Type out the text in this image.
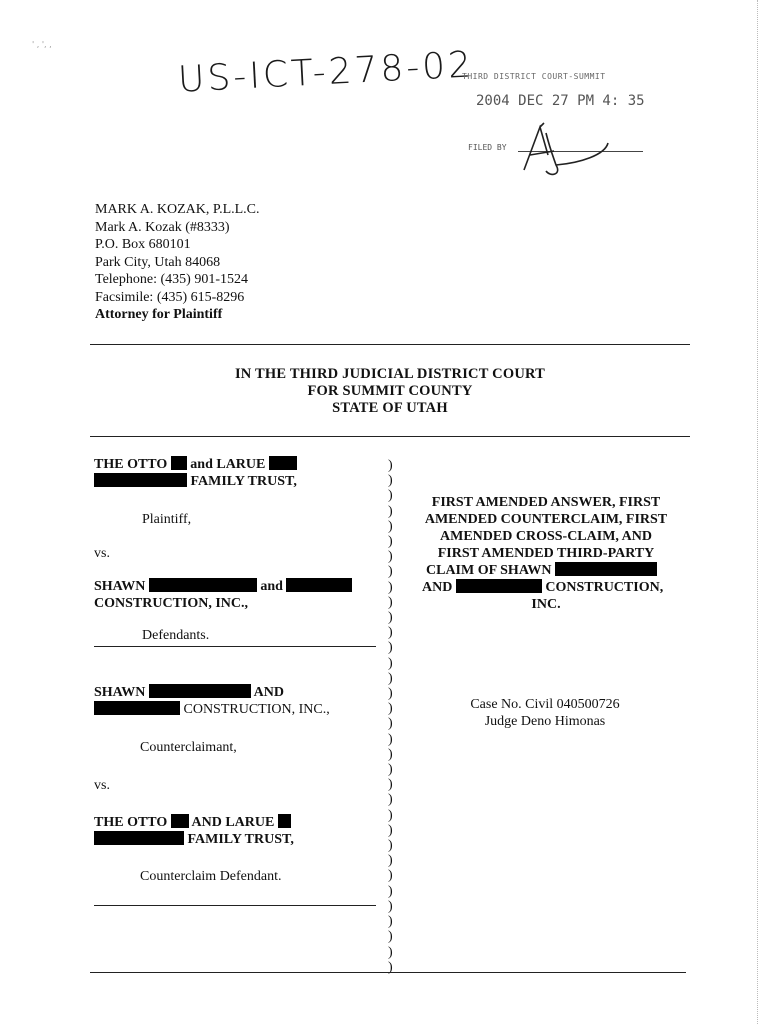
' , ', ,	US-ICT-278-02
THIRD DISTRICT COURT-SUMMIT
2004 DEC 27 PM 4: 35
FILED BY
MARK A. KOZAK, P.L.L.C.
Mark A. Kozak (#8333)
P.O. Box 680101
Park City, Utah 84068
Telephone: (435) 901-1524
Facsimile: (435) 615-8296
Attorney for Plaintiff
IN THE THIRD JUDICIAL DISTRICT COURT
FOR SUMMIT COUNTY
STATE OF UTAH
THE OTTO and LARUE
FAMILY TRUST,
Plaintiff,
vs.
SHAWN	and
CONSTRUCTION, INC.,
Defendants.
SHAWN	AND
CONSTRUCTION, INC.,
Counterclaimant,
vs.
THE OTTO AND LARUE
FAMILY TRUST,
Counterclaim Defendant.
)
)
)
)
)
)
)
)
)
)
)
)
)
)
)
)
)
)
)
)
)
)
)
)
)
)
)
)
)
)
)
)
)
)
FIRST AMENDED ANSWER, FIRST
AMENDED COUNTERCLAIM, FIRST
AMENDED CROSS-CLAIM, AND
FIRST AMENDED THIRD-PARTY
CLAIM OF SHAWN
AND	CONSTRUCTION,
INC.
Case No. Civil 040500726
Judge Deno Himonas
